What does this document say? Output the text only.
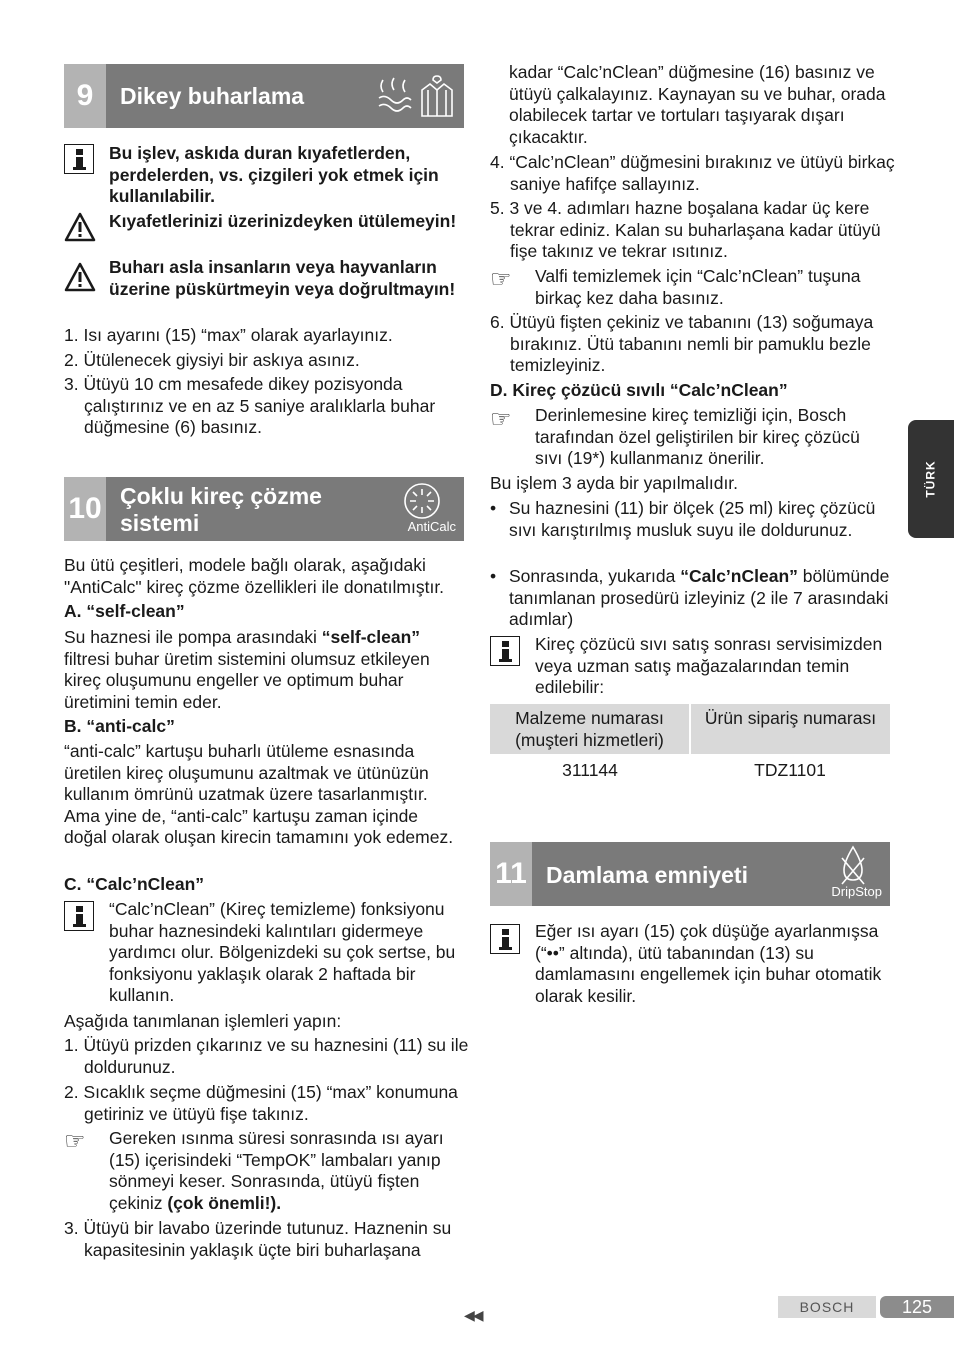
TÜRK
9	Dikey buharlama

Bu işlev, askıda duran kıyafetlerden, perdelerden, vs. çizgileri yok etmek için kullanılabilir.
Kıyafetlerinizi üzerinizdeyken ütülemeyin!
Buharı asla insanların veya hayvanların üzerine püskürtmeyin veya doğrultmayın!
1. Isı ayarını (15) “max” olarak ayarlayınız.
2. Ütülenecek giysiyi bir askıya asınız.
3. Ütüyü 10 cm mesafede dikey pozisyonda çalıştırınız ve en az 5 saniye aralıklarla buhar düğmesine (6) basınız.
10 Çoklu kireç çözme
sistemi	AntiCalc
Bu ütü çeşitleri, modele bağlı olarak, aşağıdaki "AntiCalc" kireç çözme özellikleri ile donatılmıştır.
A. “self-clean”
Su haznesi ile pompa arasındaki “self-clean” filtresi buhar üretim sistemini olumsuz etkileyen kireç oluşumunu engeller ve optimum buhar üretimini temin eder.
B. “anti-calc”
“anti-calc” kartuşu buharlı ütüleme esnasında üretilen kireç oluşumunu azaltmak ve ütünüzün kullanım ömrünü uzatmak üzere tasarlanmıştır. Ama yine de, “anti-calc” kartuşu zaman içinde doğal olarak oluşan kirecin tamamını yok edemez.
C. “Calc’nClean”
“Calc’nClean” (Kireç temizleme) fonksiyonu buhar haznesindeki kalıntıları gidermeye yardımcı olur. Bölgenizdeki su çok sertse, bu fonksiyonu yaklaşık olarak 2 haftada bir kullanın.
Aşağıda tanımlanan işlemleri yapın:
1. Ütüyü prizden çıkarınız ve su haznesini (11) su ile doldurunuz.
2. Sıcaklık seçme düğmesini (15) “max” konumuna getiriniz ve ütüyü fişe takınız.
☞ Gereken ısınma süresi sonrasında ısı ayarı (15) içerisindeki “TempOK” lambaları yanıp sönmeyi keser. Sonrasında, ütüyü fişten çekiniz (çok önemli!).
3. Ütüyü bir lavabo üzerinde tutunuz. Haznenin su kapasitesinin yaklaşık üçte biri buharlaşana
kadar “Calc’nClean” düğmesine (16) basınız ve ütüyü çalkalayınız. Kaynayan su ve buhar, orada olabilecek tartar ve tortuları taşıyarak dışarı çıkacaktır.
4. “Calc’nClean” düğmesini bırakınız ve ütüyü birkaç saniye hafifçe sallayınız.
5. 3 ve 4. adımları hazne boşalana kadar üç kere tekrar ediniz. Kalan su buharlaşana kadar ütüyü fişe takınız ve tekrar ısıtınız.
☞ Valfi temizlemek için “Calc’nClean” tuşuna birkaç kez daha basınız.
6. Ütüyü fişten çekiniz ve tabanını (13) soğumaya bırakınız. Ütü tabanını nemli bir pamuklu bezle temizleyiniz.
D. Kireç çözücü sıvılı “Calc’nClean”
☞ Derinlemesine kireç temizliği için, Bosch tarafından özel geliştirilen bir kireç çözücü sıvı (19*) kullanmanız önerilir.
Bu işlem 3 ayda bir yapılmalıdır.
• Su haznesini (11) bir ölçek (25 ml) kireç çözücü sıvı karıştırılmış musluk suyu ile doldurunuz.
• Sonrasında, yukarıda “Calc’nClean” bölümünde tanımlanan prosedürü izleyiniz (2 ile 7 arasındaki adımlar)
Kireç çözücü sıvı satış sonrası servisimizden veya uzman satış mağazalarından temin edilebilir:
Malzeme numarası (muşteri hizmetleri)	Ürün sipariş numarası
311144	TDZ1101
11 Damlama emniyeti
DripStop
Eğer ısı ayarı (15) çok düşüğe ayarlanmışsa (“••” altında), ütü tabanından (13) su damlamasını engellemek için buhar otomatik olarak kesilir.
◀◀	BOSCH	125
